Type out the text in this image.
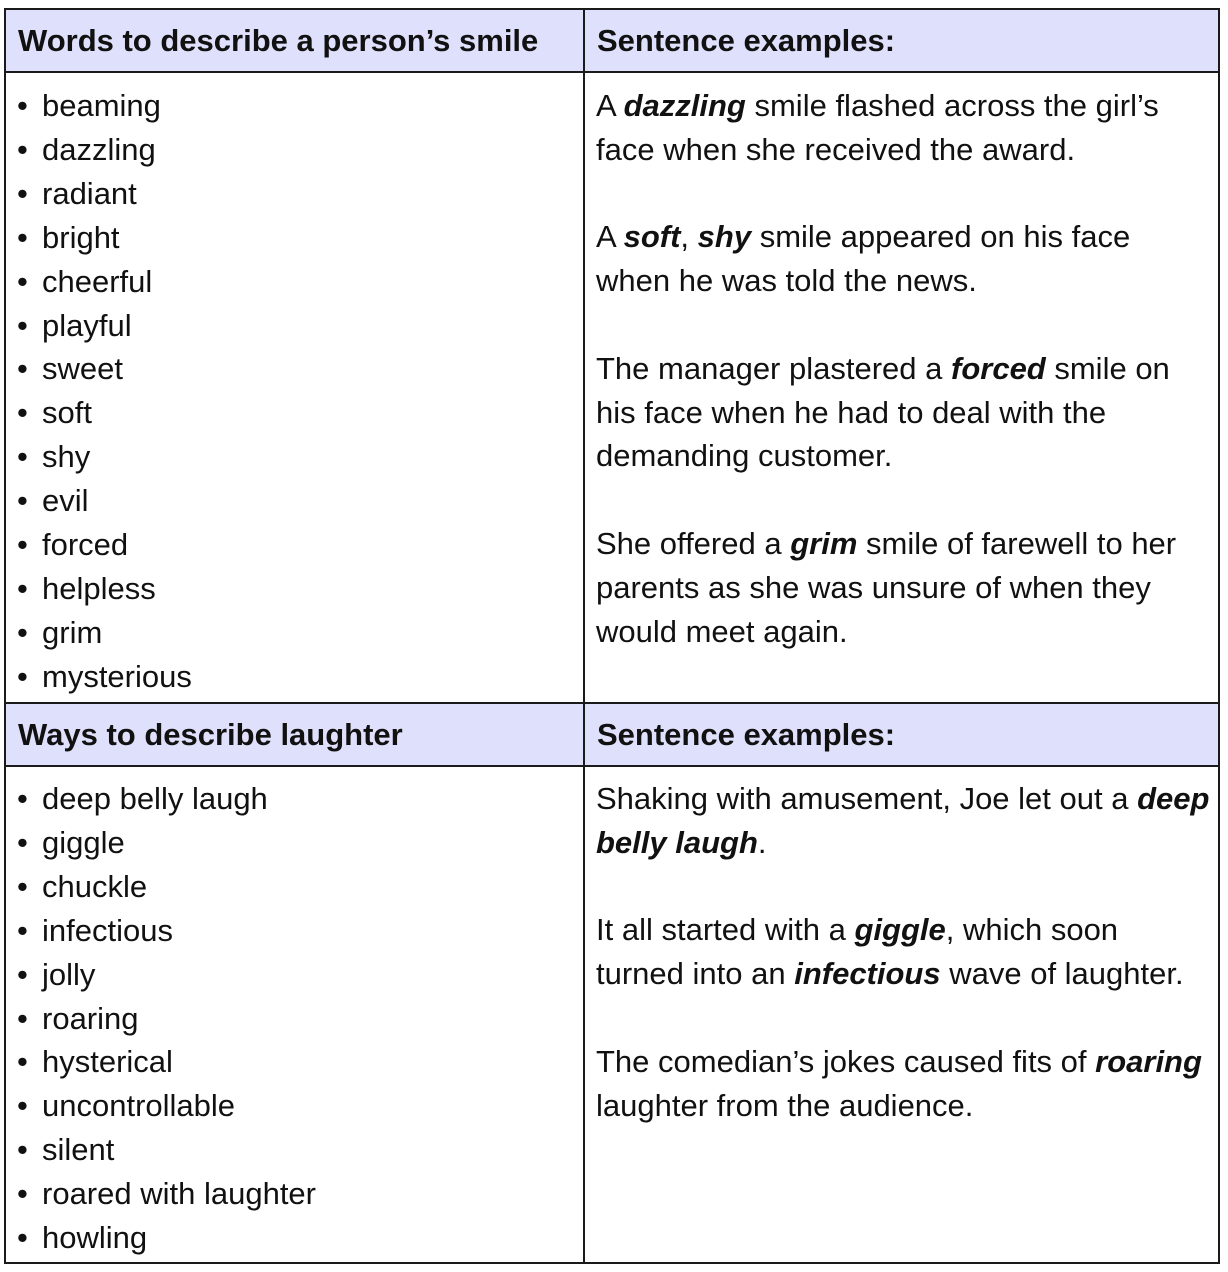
Words to describe a person’s smile	Sentence examples:
• beaming
• dazzling
• radiant
• bright
• cheerful
• playful
• sweet
• soft
• shy
• evil
• forced
• helpless
• grim
• mysterious

A dazzling smile flashed across the girl’s face when she received the award.

A soft, shy smile appeared on his face when he was told the news.

The manager plastered a forced smile on his face when he had to deal with the demanding customer.

She offered a grim smile of farewell to her parents as she was unsure of when they would meet again.

Ways to describe laughter	Sentence examples:
• deep belly laugh
• giggle
• chuckle
• infectious
• jolly
• roaring
• hysterical
• uncontrollable
• silent
• roared with laughter
• howling

Shaking with amusement, Joe let out a deep belly laugh.

It all started with a giggle, which soon turned into an infectious wave of laughter.

The comedian’s jokes caused fits of roaring laughter from the audience.
